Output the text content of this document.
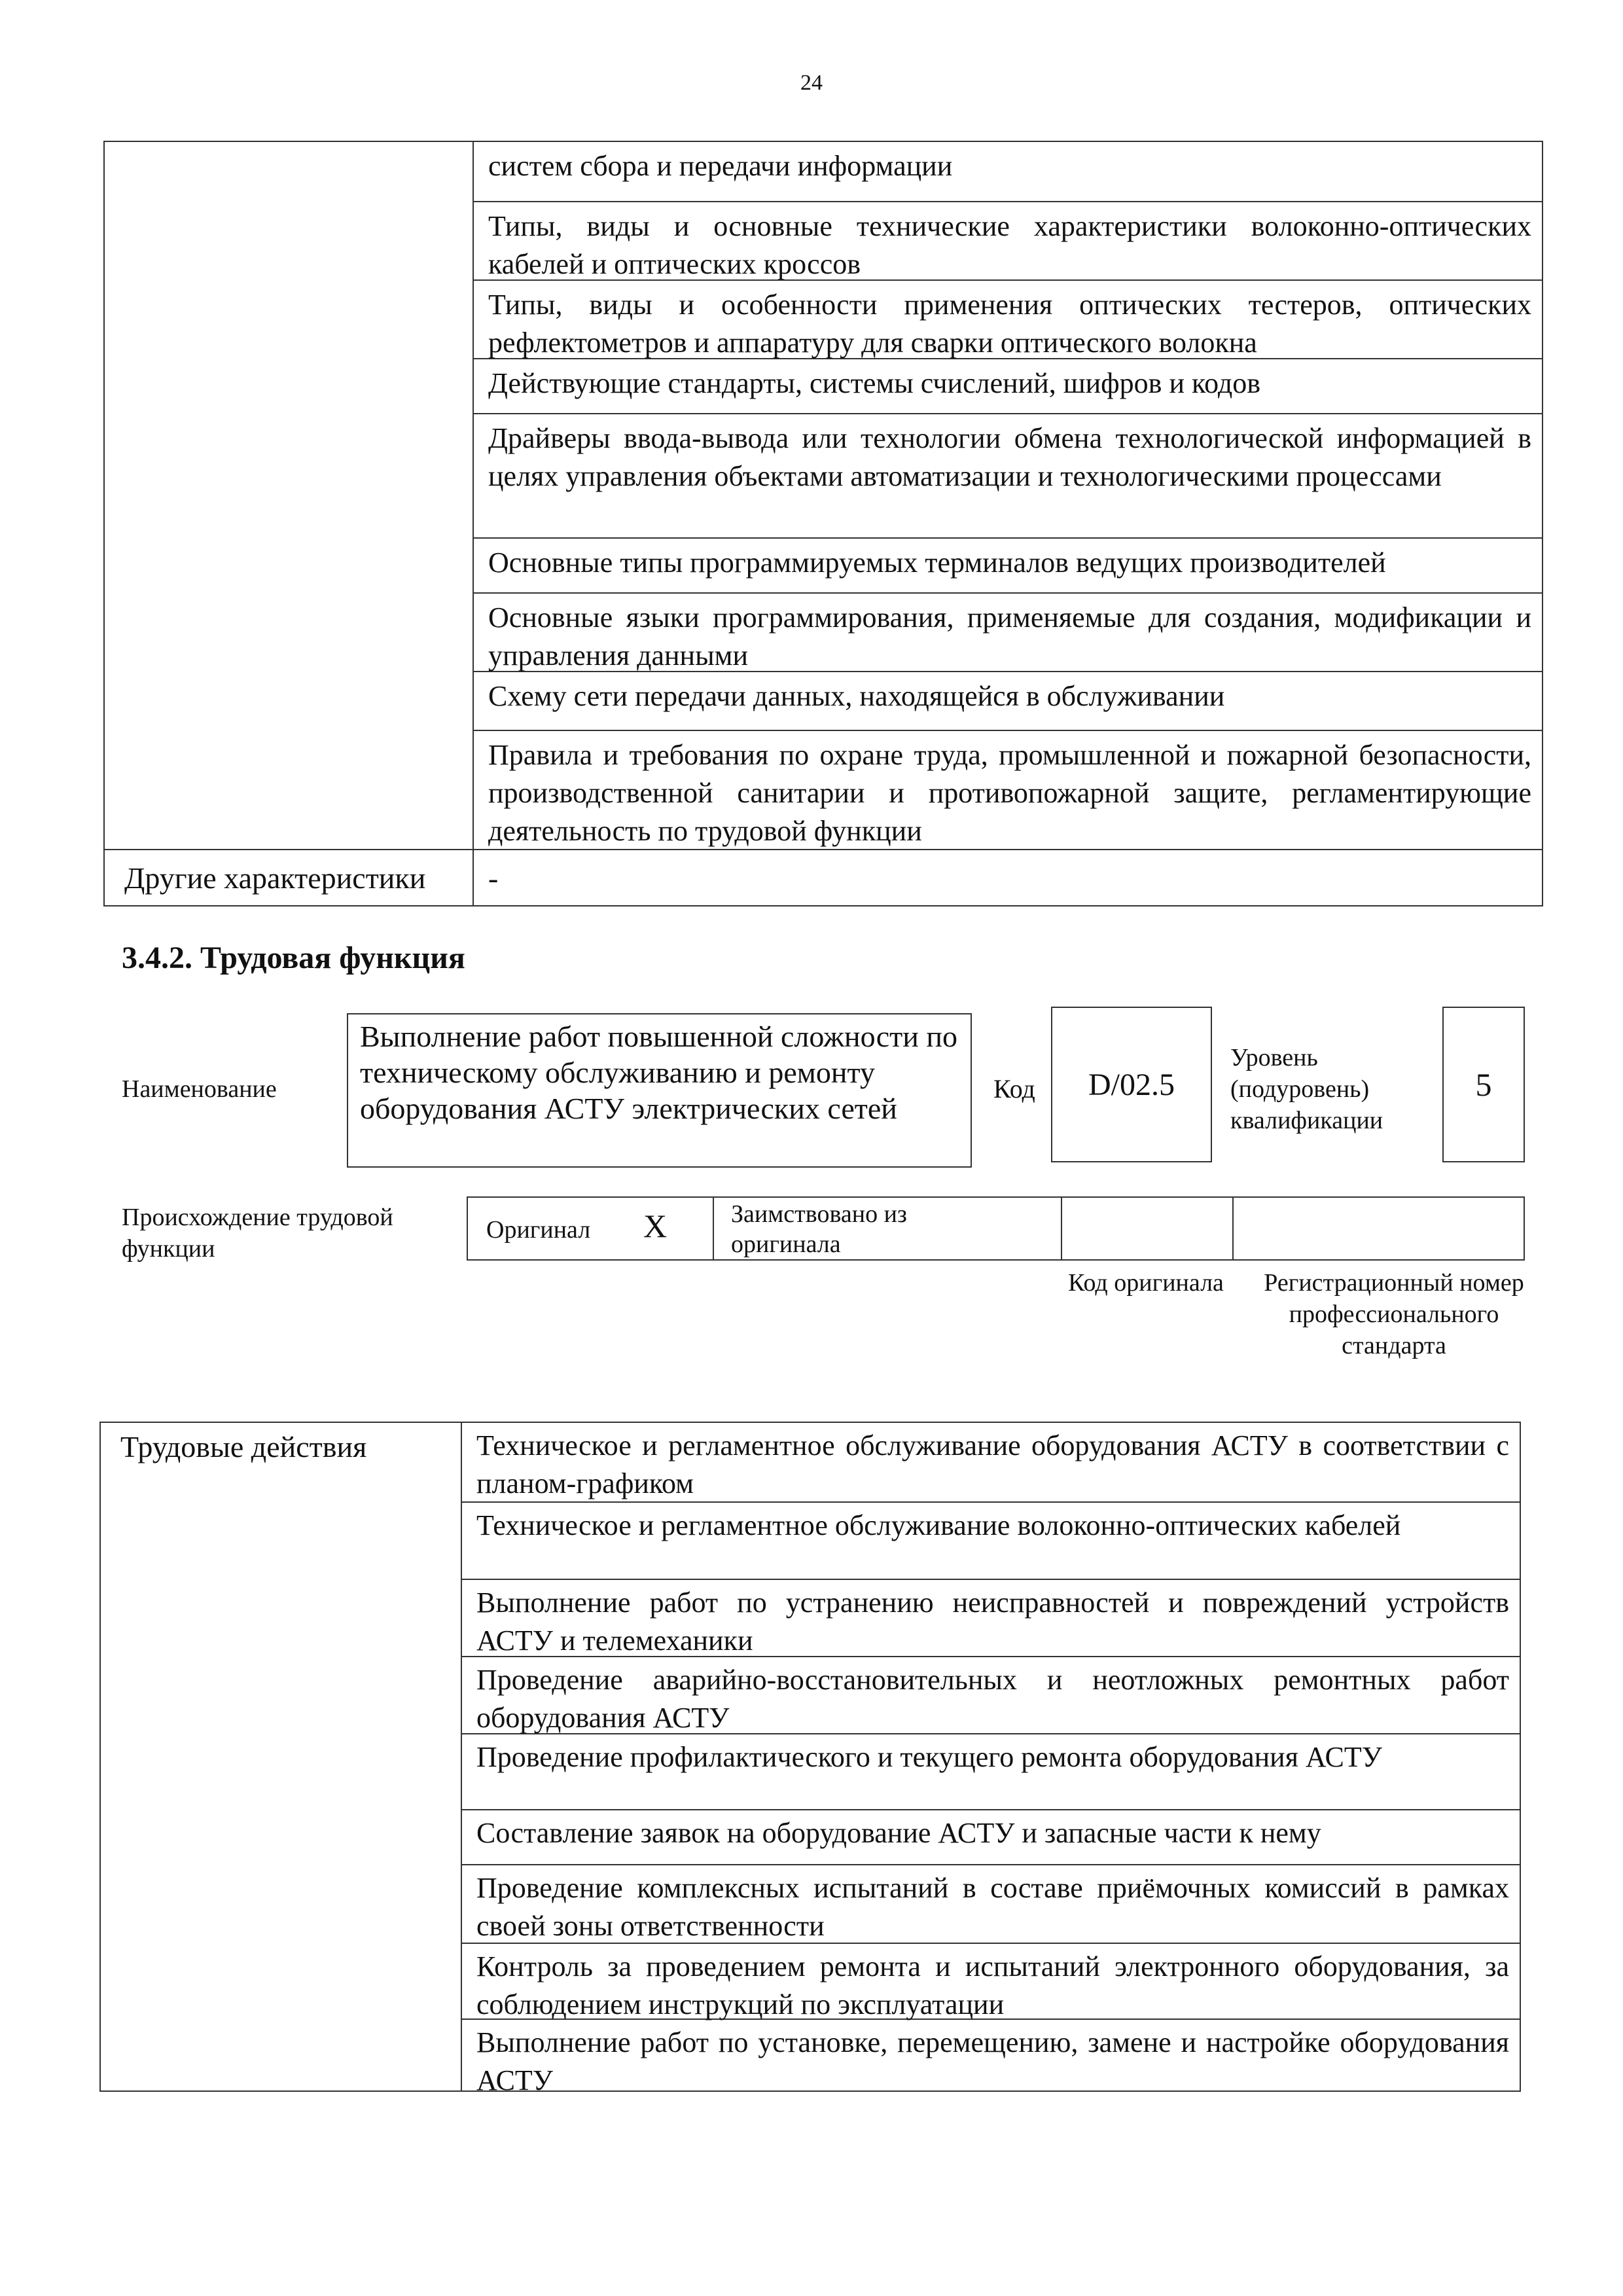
24
систем сбора и передачи информации
Типы, виды и основные технические характеристики волоконно-оптических кабелей и оптических кроссов
Типы, виды и особенности применения оптических тестеров, оптических рефлектометров и аппаратуру для сварки оптического волокна
Действующие стандарты, системы счислений, шифров и кодов
Драйверы ввода-вывода или технологии обмена технологической информацией в целях управления объектами автоматизации и технологическими процессами
Основные типы программируемых терминалов ведущих производителей
Основные языки программирования, применяемые для создания, модификации и управления данными
Схему сети передачи данных, находящейся в обслуживании
Правила и требования по охране труда, промышленной и пожарной безопасности, производственной санитарии и противопожарной защите, регламентирующие деятельность по трудовой функции
Другие характеристики	-
3.4.2. Трудовая функция
Наименование
Выполнение работ повышенной сложности по техническому обслуживанию и ремонту оборудования АСТУ электрических сетей
Код D/02.5
Уровень (подуровень) квалификации
5
Происхождение трудовой функции
Оригинал X	Заимствовано из оригинала
Код оригинала	Регистрационный номер профессионального стандарта
Трудовые действия	Техническое и регламентное обслуживание оборудования АСТУ в соответствии с планом-графиком
Техническое и регламентное обслуживание волоконно-оптических кабелей
Выполнение работ по устранению неисправностей и повреждений устройств АСТУ и телемеханики
Проведение аварийно-восстановительных и неотложных ремонтных работ оборудования АСТУ
Проведение профилактического и текущего ремонта оборудования АСТУ
Составление заявок на оборудование АСТУ и запасные части к нему
Проведение комплексных испытаний в составе приёмочных комиссий в рамках своей зоны ответственности
Контроль за проведением ремонта и испытаний электронного оборудования, за соблюдением инструкций по эксплуатации
Выполнение работ по установке, перемещению, замене и настройке оборудования АСТУ
